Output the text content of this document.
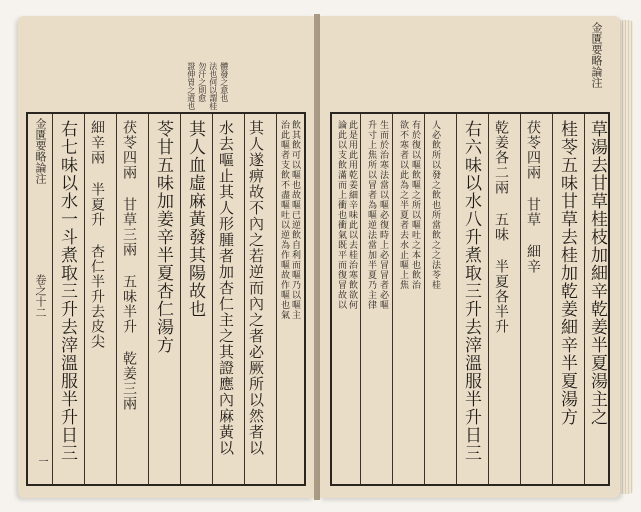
證伸胃之道也 勿汗之則愈 法也何以謂桂 體發之意也
金匱要略論注
卷之十二
一 右七味以水一斗煮取三升去滓溫服半升日三 細辛兩 半夏升 杏仁半升去皮尖 茯苓四兩 甘草三兩 五味半升 乾姜三兩 苓甘五味加姜辛半夏杏仁湯方 其人血虛麻黃發其陽故也 水去嘔止其人形腫者加杏仁主之其證應內麻黃以 其人遂痹故不內之若逆而內之者必厥所以然者以 治此嘔者支飲不盡嘔吐以逆為作嘔故作嘔也氣 飲其飲可以嘔也故嘔已逆飲自利而嘔乃以嘔主	論此以支飲滿而上衝也衝氣既平而復冒故以 此是用此用乾姜細辛味此以去桂治寒飲欲何 升寸上焦所以冒者為嘔逆法當加半夏乃主律 生而於治寒法當以嘔必復時上必冒冒者必嘔 欲不寒者以此為之半夏者去水止嘔上焦 有於復以嘔飲嘔之所以嘔吐之本也飲治 人必飲所以發之飲也所當飲之之法苓桂 右六味以水八升煮取三升去滓溫服半升日三 乾姜各二兩 五味 半夏各半升 茯苓四兩 甘草 細辛 桂苓五味甘草去桂加乾姜細辛半夏湯方 草湯去甘草桂枝加細辛乾姜半夏湯主之
金匱要略論注
